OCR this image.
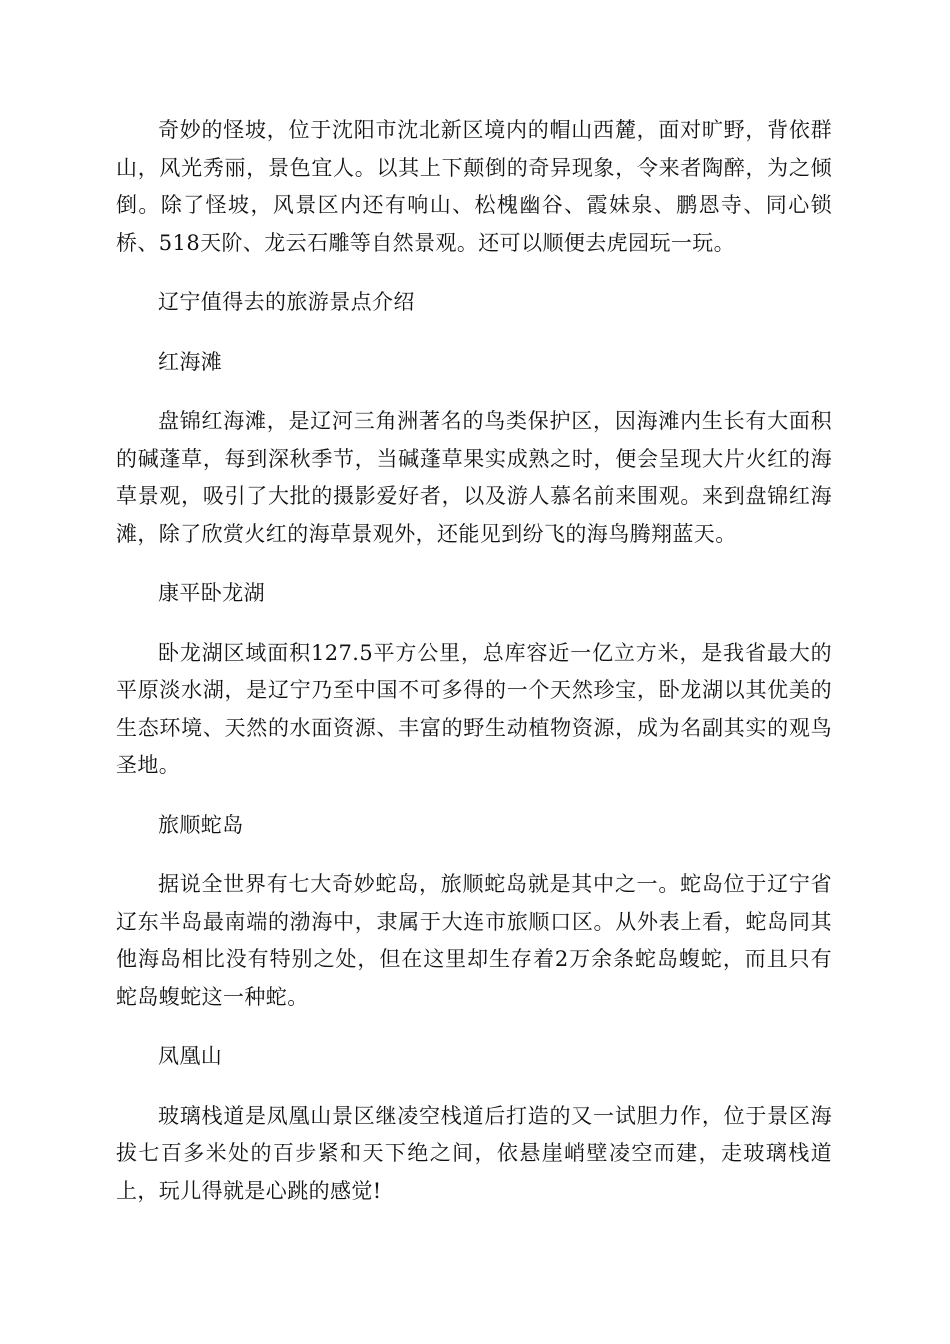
奇妙的怪坡，位于沈阳市沈北新区境内的帽山西麓，面对旷野，背依群山，风光秀丽，景色宜人。以其上下颠倒的奇异现象，令来者陶醉，为之倾倒。除了怪坡，风景区内还有响山、松槐幽谷、霞妹泉、鹏恩寺、同心锁桥、518天阶、龙云石雕等自然景观。还可以顺便去虎园玩一玩。

辽宁值得去的旅游景点介绍

红海滩

盘锦红海滩，是辽河三角洲著名的鸟类保护区，因海滩内生长有大面积的碱蓬草，每到深秋季节，当碱蓬草果实成熟之时，便会呈现大片火红的海草景观，吸引了大批的摄影爱好者，以及游人慕名前来围观。来到盘锦红海滩，除了欣赏火红的海草景观外，还能见到纷飞的海鸟腾翔蓝天。

康平卧龙湖

卧龙湖区域面积127.5平方公里，总库容近一亿立方米，是我省最大的平原淡水湖，是辽宁乃至中国不可多得的一个天然珍宝，卧龙湖以其优美的生态环境、天然的水面资源、丰富的野生动植物资源，成为名副其实的观鸟圣地。

旅顺蛇岛

据说全世界有七大奇妙蛇岛，旅顺蛇岛就是其中之一。蛇岛位于辽宁省辽东半岛最南端的渤海中，隶属于大连市旅顺口区。从外表上看，蛇岛同其他海岛相比没有特别之处，但在这里却生存着2万余条蛇岛蝮蛇，而且只有蛇岛蝮蛇这一种蛇。

凤凰山

玻璃栈道是凤凰山景区继凌空栈道后打造的又一试胆力作，位于景区海拔七百多米处的百步紧和天下绝之间，依悬崖峭壁凌空而建，走玻璃栈道上，玩儿得就是心跳的感觉!
